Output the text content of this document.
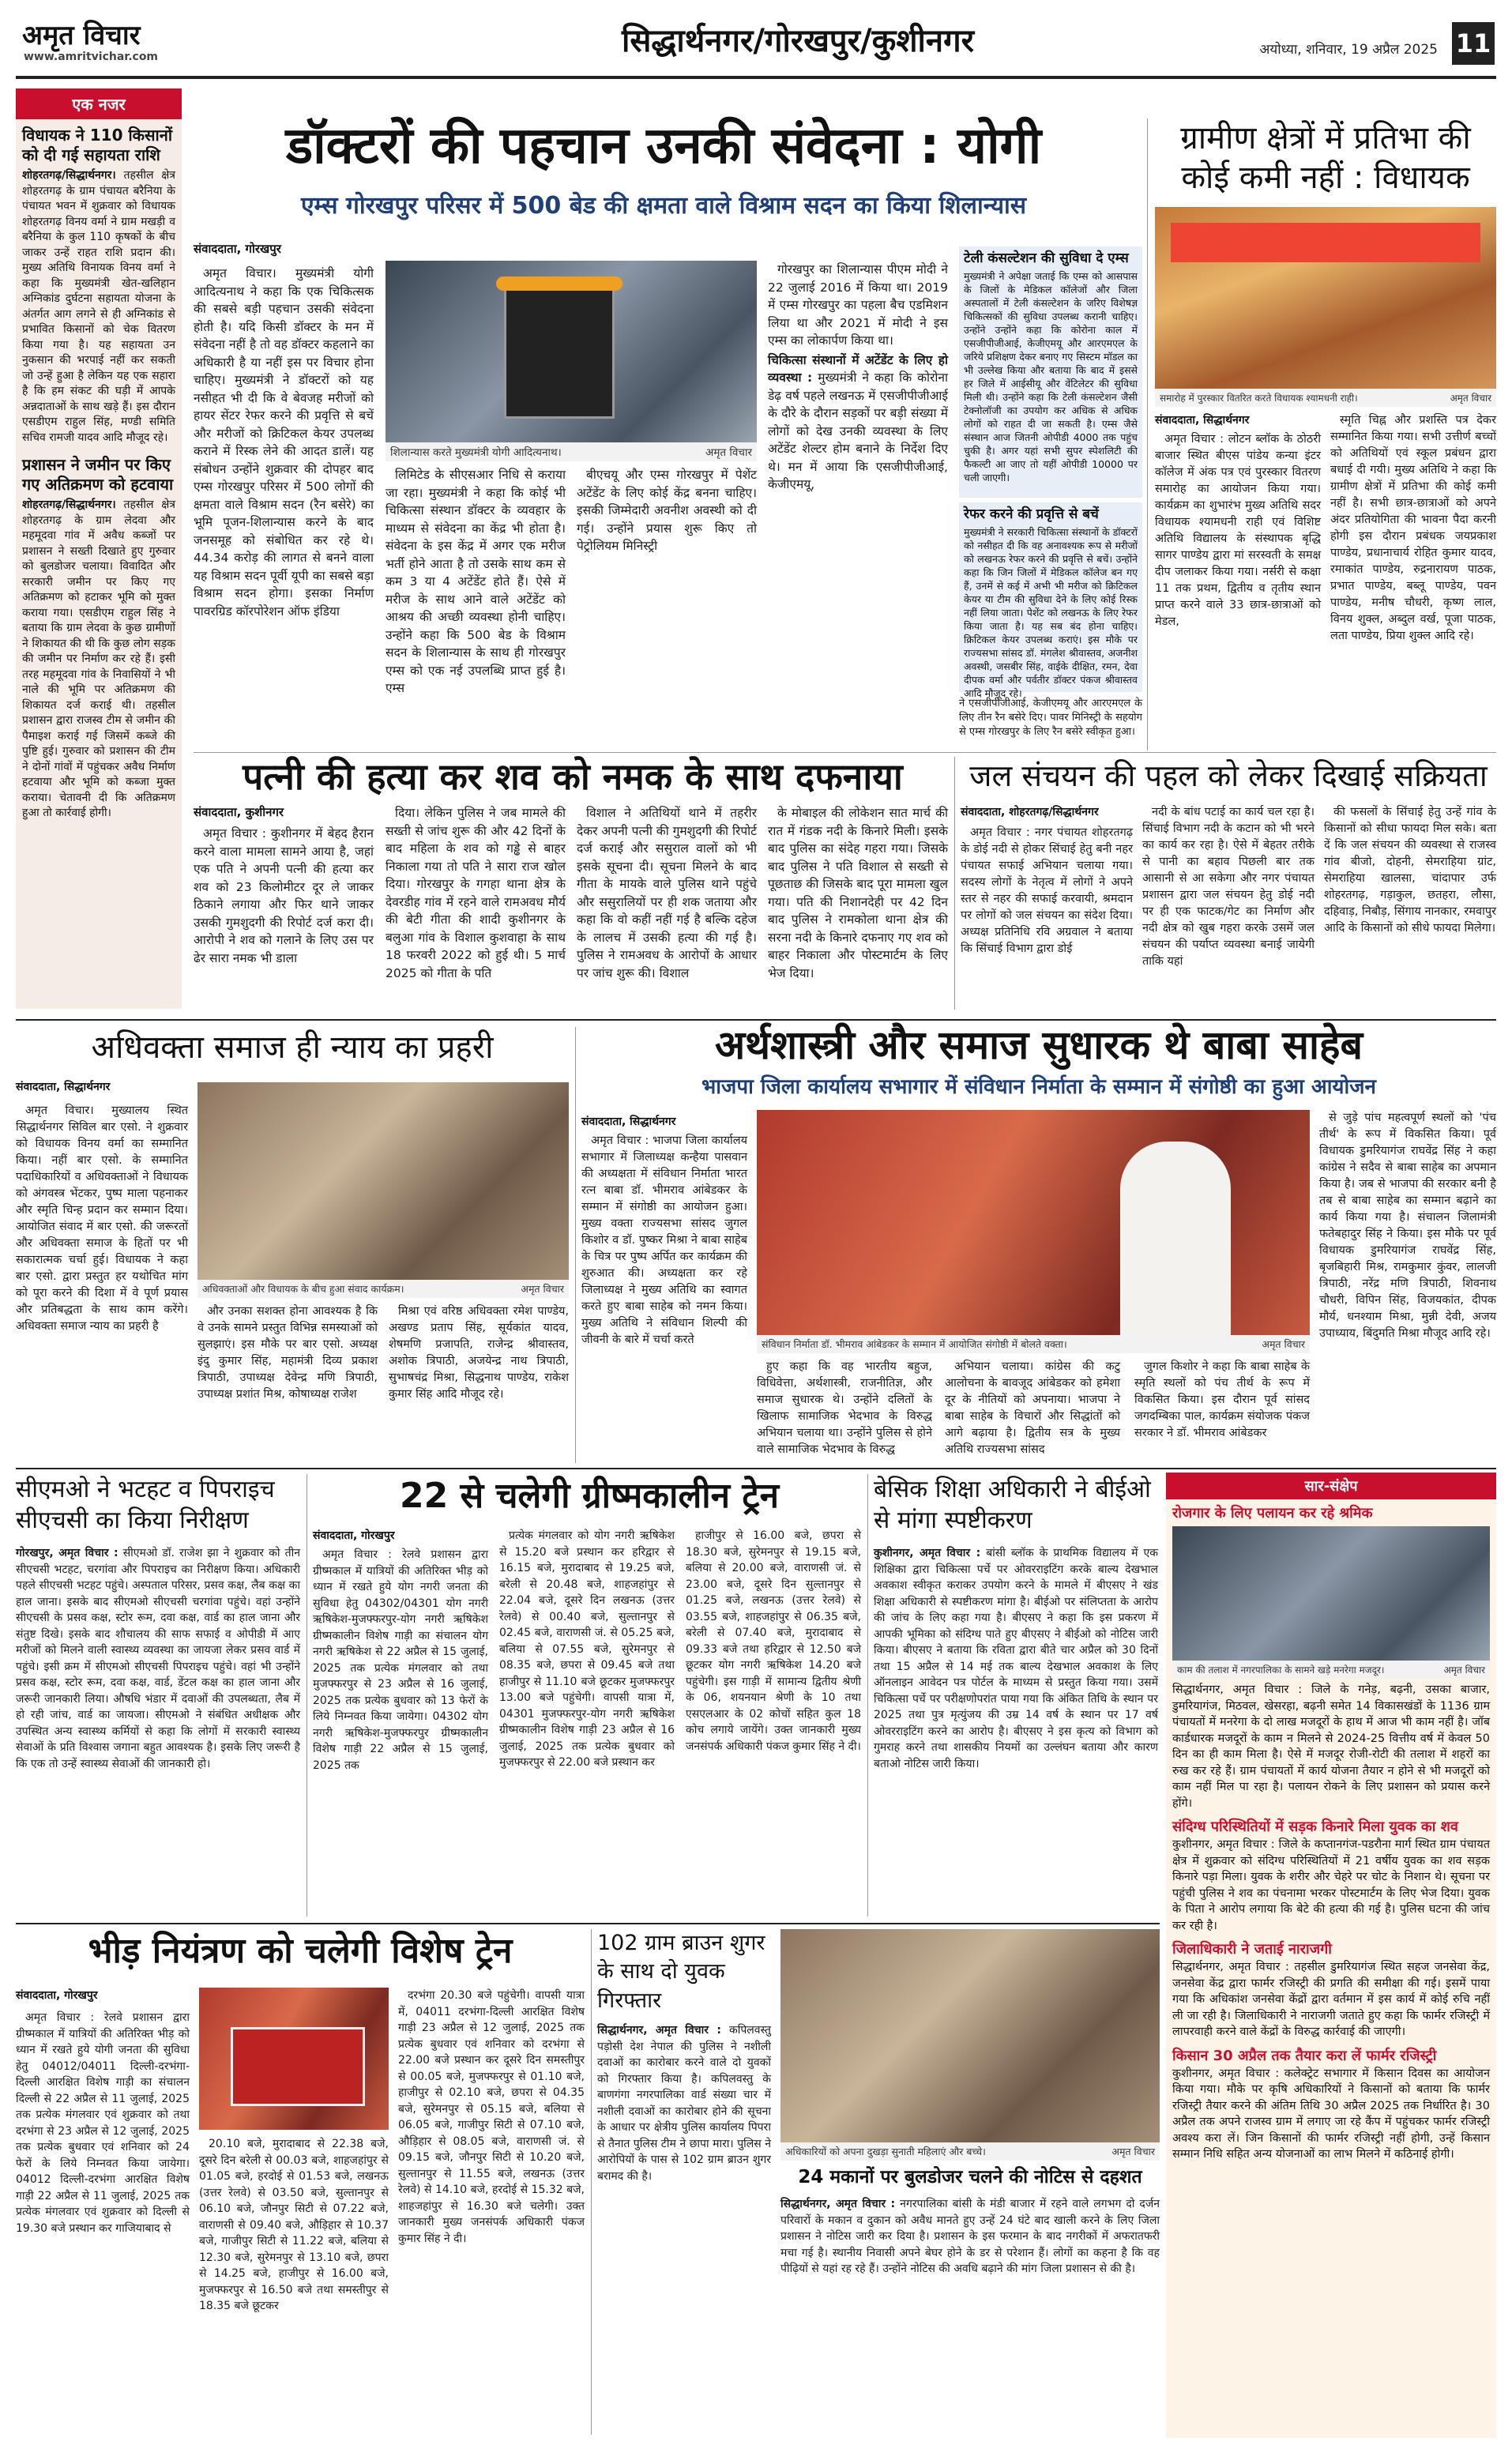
अमृत विचार
www.amritvichar.com	सिद्धार्थनगर/गोरखपुर/कुशीनगर	अयोध्या, शनिवार, 19 अप्रैल 2025 11
एक नजर
विधायक ने 110 किसानों को दी गई सहायता राशि
शोहरतगढ़/सिद्धार्थनगर। तहसील क्षेत्र शोहरतगढ़ के ग्राम पंचायत बरैनिया के पंचायत भवन में शुक्रवार को विधायक शोहरतगढ़ विनय वर्मा ने ग्राम मखड़ी व बरैनिया के कुल 110 कृषकों के बीच जाकर उन्हें राहत राशि प्रदान की। मुख्य अतिथि विनायक विनय वर्मा ने कहा कि मुख्यमंत्री खेत-खलिहान अग्निकांड दुर्घटना सहायता योजना के अंतर्गत आग लगने से ही अग्निकांड से प्रभावित किसानों को चेक वितरण किया गया है। यह सहायता उन नुकसान की भरपाई नहीं कर सकती जो उन्हें हुआ है लेकिन यह एक सहारा है कि हम संकट की घड़ी में आपके अन्नदाताओं के साथ खड़े हैं। इस दौरान एसडीएम राहुल सिंह, मण्डी समिति सचिव रामजी यादव आदि मौजूद रहे।
प्रशासन ने जमीन पर किए गए अतिक्रमण को हटवाया
शोहरतगढ़/सिद्धार्थनगर। तहसील क्षेत्र शोहरतगढ़ के ग्राम लेदवा और महमूदवा गांव में अवैध कब्जों पर प्रशासन ने सख्ती दिखाते हुए गुरुवार को बुलडोजर चलाया। विवादित और सरकारी जमीन पर किए गए अतिक्रमण को हटाकर भूमि को मुक्त कराया गया। एसडीएम राहुल सिंह ने बताया कि ग्राम लेदवा के कुछ ग्रामीणों ने शिकायत की थी कि कुछ लोग सड़क की जमीन पर निर्माण कर रहे हैं। इसी तरह महमूदवा गांव के निवासियों ने भी नाले की भूमि पर अतिक्रमण की शिकायत दर्ज कराई थी। तहसील प्रशासन द्वारा राजस्व टीम से जमीन की पैमाइश कराई गई जिसमें कब्जे की पुष्टि हुई। गुरुवार को प्रशासन की टीम ने दोनों गांवों में पहुंचकर अवैध निर्माण हटवाया और भूमि को कब्जा मुक्त कराया। चेतावनी दी कि अतिक्रमण हुआ तो कार्रवाई होगी।
डॉक्टरों की पहचान उनकी संवेदना : योगी
एम्स गोरखपुर परिसर में 500 बेड की क्षमता वाले विश्राम सदन का किया शिलान्यास
संवाददाता, गोरखपुर

अमृत विचार। मुख्यमंत्री योगी आदित्यनाथ ने कहा कि एक चिकित्सक की सबसे बड़ी पहचान उसकी संवेदना होती है। यदि किसी डॉक्टर के मन में संवेदना नहीं है तो वह डॉक्टर कहलाने का अधिकारी है या नहीं इस पर विचार होना चाहिए। मुख्यमंत्री ने डॉक्टरों को यह नसीहत भी दी कि वे बेवजह मरीजों को हायर सेंटर रेफर करने की प्रवृत्ति से बचें और मरीजों को क्रिटिकल केयर उपलब्ध कराने में रिस्क लेने की आदत डालें। यह संबोधन उन्होंने शुक्रवार की दोपहर बाद एम्स गोरखपुर परिसर में 500 लोगों की क्षमता वाले विश्राम सदन (रैन बसेरे) का भूमि पूजन-शिलान्यास करने के बाद जनसमूह को संबोधित कर रहे थे। 44.34 करोड़ की लागत से बनने वाला यह विश्राम सदन पूर्वी यूपी का सबसे बड़ा विश्राम सदन होगा। इसका निर्माण पावरग्रिड कॉरपोरेशन ऑफ इंडिया

शिलान्यास करते मुख्यमंत्री योगी आदित्यनाथ।	अमृत विचार

लिमिटेड के सीएसआर निधि से कराया जा रहा। मुख्यमंत्री ने कहा कि कोई भी चिकित्सा संस्थान डॉक्टर के व्यवहार के माध्यम से संवेदना का केंद्र भी होता है। संवेदना के इस केंद्र में अगर एक मरीज भर्ती होने आता है तो उसके साथ कम से कम 3 या 4 अटेंडेंट होते हैं। ऐसे में मरीज के साथ आने वाले अटेंडेंट को आश्रय की अच्छी व्यवस्था होनी चाहिए। उन्होंने कहा कि 500 बेड के विश्राम सदन के शिलान्यास के साथ ही गोरखपुर एम्स को एक नई उपलब्धि प्राप्त हुई है। एम्स

बीएचयू और एम्स गोरखपुर में पेशेंट अटेंडेंट के लिए कोई केंद्र बनना चाहिए। इसकी जिम्मेदारी अवनीश अवस्थी को दी गई। उन्होंने प्रयास शुरू किए तो पेट्रोलियम मिनिस्ट्री

गोरखपुर का शिलान्यास पीएम मोदी ने 22 जुलाई 2016 में किया था। 2019 में एम्स गोरखपुर का पहला बैच एडमिशन लिया था और 2021 में मोदी ने इस एम्स का लोकार्पण किया था।

चिकित्सा संस्थानों में अटेंडेंट के लिए हो व्यवस्था : मुख्यमंत्री ने कहा कि कोरोना डेढ़ वर्ष पहले लखनऊ में एसजीपीजीआई के दौरे के दौरान सड़कों पर बड़ी संख्या में लोगों को देख उनकी व्यवस्था के लिए अटेंडेंट शेल्टर होम बनाने के निर्देश दिए थे। मन में आया कि एसजीपीजीआई, केजीएमयू,
टेली कंसल्टेशन की सुविधा दे एम्स
मुख्यमंत्री ने अपेक्षा जताई कि एम्स को आसपास के जिलों के मेडिकल कॉलेजों और जिला अस्पतालों में टेली कंसल्टेशन के जरिए विशेषज्ञ चिकित्सकों की सुविधा उपलब्ध करानी चाहिए। उन्होंने उन्होंने कहा कि कोरोना काल में एसजीपीजीआई, केजीएमयू और आरएमएल के जरिये प्रशिक्षण देकर बनाए गए सिस्टम मॉडल का भी उल्लेख किया और बताया कि बाद में इससे हर जिले में आईसीयू और वेंटिलेटर की सुविधा मिली थी। उन्होंने कहा कि टेली कंसल्टेशन जैसी टेक्नोलॉजी का उपयोग कर अधिक से अधिक लोगों को राहत दी जा सकती है। एम्स जैसे संस्थान आज जितनी ओपीडी 4000 तक पहुंच चुकी है। अगर यहां सभी सुपर स्पेशलिटी की फैकल्टी आ जाए तो यहीं ओपीडी 10000 पर चली जाएगी।
रेफर करने की प्रवृत्ति से बचें
मुख्यमंत्री ने सरकारी चिकित्सा संस्थानों के डॉक्टरों को नसीहत दी कि वह अनावश्यक रूप से मरीजों को लखनऊ रेफर करने की प्रवृत्ति से बचें। उन्होंने कहा कि जिन जिलों में मेडिकल कॉलेज बन गए हैं, उनमें से कई में अभी भी मरीज को क्रिटिकल केयर या टीम की सुविधा देने के लिए कोई रिस्क नहीं लिया जाता। पेशेंट को लखनऊ के लिए रेफर किया जाता है। यह सब बंद होना चाहिए। क्रिटिकल केयर उपलब्ध कराएं। इस मौके पर राज्यसभा सांसद डॉ. मंगलेश श्रीवास्तव, अजनीश अवस्थी, जसबीर सिंह, वाईके दीक्षित, रमन, देवा दीपक वर्मा और पर्वतीर डॉक्टर पंकज श्रीवास्तव आदि मौजूद रहे।
ने एसजीपीजीआई, केजीएमयू और आरएमएल के लिए तीन रैन बसेरे दिए। पावर मिनिस्ट्री के सहयोग से एम्स गोरखपुर के लिए रैन बसेरे स्वीकृत हुआ।
ग्रामीण क्षेत्रों में प्रतिभा की कोई कमी नहीं : विधायक
समारोह में पुरस्कार वितरित करते विधायक श्यामधनी राही।	अमृत विचार
संवाददाता, सिद्धार्थनगर

अमृत विचार : लोटन ब्लॉक के ठोठरी बाजार स्थित बीएस पांडेय कन्या इंटर कॉलेज में अंक पत्र एवं पुरस्कार वितरण समारोह का आयोजन किया गया। कार्यक्रम का शुभारंभ मुख्य अतिथि सदर विधायक श्यामधनी राही एवं विशिष्ट अतिथि विद्यालय के संस्थापक बृद्धि सागर पाण्डेय द्वारा मां सरस्वती के समक्ष दीप जलाकर किया गया। नर्सरी से कक्षा 11 तक प्रथम, द्वितीय व तृतीय स्थान प्राप्त करने वाले 33 छात्र-छात्राओं को मेडल,

स्मृति चिह्न और प्रशस्ति पत्र देकर सम्मानित किया गया। सभी उत्तीर्ण बच्चों को अतिथियों एवं स्कूल प्रबंधन द्वारा बधाई दी गयी। मुख्य अतिथि ने कहा कि ग्रामीण क्षेत्रों में प्रतिभा की कोई कमी नहीं है। सभी छात्र-छात्राओं को अपने अंदर प्रतियोगिता की भावना पैदा करनी होगी इस दौरान प्रबंधक जयप्रकाश पाण्डेय, प्रधानाचार्य रोहित कुमार यादव, रमाकांत पाण्डेय, रुद्रनारायण पाठक, प्रभात पाण्डेय, बब्लू पाण्डेय, पवन पाण्डेय, मनीष चौधरी, कृष्ण लाल, विनय शुक्ल, अब्दुल वर्ख, पूजा पाठक, लता पाण्डेय, प्रिया शुक्ल आदि रहे।

पत्नी की हत्या कर शव को नमक के साथ दफनाया
संवाददाता, कुशीनगर

अमृत विचार : कुशीनगर में बेहद हैरान करने वाला मामला सामने आया है, जहां एक पति ने अपनी पत्नी की हत्या कर शव को 23 किलोमीटर दूर ले जाकर ठिकाने लगाया और फिर थाने जाकर उसकी गुमशुदगी की रिपोर्ट दर्ज करा दी। आरोपी ने शव को गलाने के लिए उस पर ढेर सारा नमक भी डाला

दिया। लेकिन पुलिस ने जब मामले की सख्ती से जांच शुरू की और 42 दिनों के बाद महिला के शव को गड्ढे से बाहर निकाला गया तो पति ने सारा राज खोल दिया। गोरखपुर के गगहा थाना क्षेत्र के देवरडीह गांव में रहने वाले रामअवध मौर्य की बेटी गीता की शादी कुशीनगर के बलुआ गांव के विशाल कुशवाहा के साथ 18 फरवरी 2022 को हुई थी। 5 मार्च 2025 को गीता के पति

विशाल ने अतिथियों थाने में तहरीर देकर अपनी पत्नी की गुमशुदगी की रिपोर्ट दर्ज कराई और ससुराल वालों को भी इसके सूचना दी। सूचना मिलने के बाद गीता के मायके वाले पुलिस थाने पहुंचे और ससुरालियों पर ही शक जताया और कहा कि वो कहीं नहीं गई है बल्कि दहेज के लालच में उसकी हत्या की गई है। पुलिस ने रामअवध के आरोपों के आधार पर जांच शुरू की। विशाल

के मोबाइल की लोकेशन सात मार्च की रात में गंडक नदी के किनारे मिली। इसके बाद पुलिस का संदेह गहरा गया। जिसके बाद पुलिस ने पति विशाल से सख्ती से पूछताछ की जिसके बाद पूरा मामला खुल गया। पति की निशानदेही पर 42 दिन बाद पुलिस ने रामकोला थाना क्षेत्र की सरना नदी के किनारे दफनाए गए शव को बाहर निकाला और पोस्टमार्टम के लिए भेज दिया।

जल संचयन की पहल को लेकर दिखाई सक्रियता
संवाददाता, शोहरतगढ़/सिद्धार्थनगर

अमृत विचार : नगर पंचायत शोहरतगढ़ के डोई नदी से होकर सिंचाई हेतु बनी नहर पंचायत सफाई अभियान चलाया गया। सदस्य लोगों के नेतृत्व में लोगों ने अपने स्तर से नहर की सफाई करवायी, श्रमदान पर लोगों को जल संचयन का संदेश दिया। अध्यक्ष प्रतिनिधि रवि अग्रवाल ने बताया कि सिंचाई विभाग द्वारा डोई

नदी के बांध पटाई का कार्य चल रहा है। सिंचाई विभाग नदी के कटान को भी भरने का कार्य कर रहा है। ऐसे में बेहतर तरीके से पानी का बहाव पिछली बार तक आसानी से आ सकेगा और नगर पंचायत प्रशासन द्वारा जल संचयन हेतु डोई नदी पर ही एक फाटक/गेट का निर्माण और नदी क्षेत्र को खुब गहरा करके उसमें जल संचयन की पर्याप्त व्यवस्था बनाई जायेगी ताकि यहां

की फसलों के सिंचाई हेतु उन्हें गांव के किसानों को सीधा फायदा मिल सके। बता दें कि जल संचयन की व्यवस्था से राजस्व गांव बीजो, दोहनी, सेमराहिया ग्रांट, सेमराहिया खालसा, चांदापार उर्फ शोहरतगढ़, गड़ाकुल, छतहरा, लौसा, दहिवाड़, निबौड़, सिंगाय नानकार, रमवापुर आदि के किसानों को सीधे फायदा मिलेगा।

अधिवक्ता समाज ही न्याय का प्रहरी
संवाददाता, सिद्धार्थनगर

अमृत विचार। मुख्यालय स्थित सिद्धार्थनगर सिविल बार एसो. ने शुक्रवार को विधायक विनय वर्मा का सम्मानित किया। नहीं बार एसो. के सम्मानित पदाधिकारियों व अधिवक्ताओं ने विधायक को अंगवस्त्र भेंटकर, पुष्प माला पहनाकर और स्मृति चिन्ह प्रदान कर सम्मान दिया। आयोजित संवाद में बार एसो. की जरूरतों और अधिवक्ता समाज के हितों पर भी सकारात्मक चर्चा हुई। विधायक ने कहा बार एसो. द्वारा प्रस्तुत हर यथोचित मांग को पूरा करने की दिशा में वे पूर्ण प्रयास और प्रतिबद्धता के साथ काम करेंगे। अधिवक्ता समाज न्याय का प्रहरी है

अधिवक्ताओं और विधायक के बीच हुआ संवाद कार्यक्रम।	अमृत विचार

और उनका सशक्त होना आवश्यक है कि वे उनके सामने प्रस्तुत विभिन्न समस्याओं को सुलझाएं। इस मौके पर बार एसो. अध्यक्ष इंदु कुमार सिंह, महामंत्री दिव्य प्रकाश त्रिपाठी, उपाध्यक्ष देवेन्द्र मणि त्रिपाठी, उपाध्यक्ष प्रशांत मिश्र, कोषाध्यक्ष राजेश

मिश्रा एवं वरिष्ठ अधिवक्ता रमेश पाण्डेय, अखण्ड प्रताप सिंह, सूर्यकांत यादव, शेषमणि प्रजापति, राजेन्द्र श्रीवास्तव, अशोक त्रिपाठी, अजयेन्द्र नाथ त्रिपाठी, सुभाषचंद्र मिश्रा, सिद्धनाथ पाण्डेय, राकेश कुमार सिंह आदि मौजूद रहे।

अर्थशास्त्री और समाज सुधारक थे बाबा साहेब
भाजपा जिला कार्यालय सभागार में संविधान निर्माता के सम्मान में संगोष्ठी का हुआ आयोजन
संवाददाता, सिद्धार्थनगर

अमृत विचार : भाजपा जिला कार्यालय सभागार में जिलाध्यक्ष कन्हैया पासवान की अध्यक्षता में संविधान निर्माता भारत रत्न बाबा डॉ. भीमराव आंबेडकर के सम्मान में संगोष्ठी का आयोजन हुआ। मुख्य वक्ता राज्यसभा सांसद जुगल किशोर व डॉ. पुष्कर मिश्रा ने बाबा साहेब के चित्र पर पुष्प अर्पित कर कार्यक्रम की शुरुआत की। अध्यक्षता कर रहे जिलाध्यक्ष ने मुख्य अतिथि का स्वागत करते हुए बाबा साहेब को नमन किया। मुख्य अतिथि ने संविधान शिल्पी की जीवनी के बारे में चर्चा करते	संविधान निर्माता डॉ. भीमराव आंबेडकर के सम्मान में आयोजित संगोष्ठी में बोलते वक्ता।	अमृत विचार

हुए कहा कि वह भारतीय बहुज, विधिवेत्ता, अर्थशास्त्री, राजनीतिज्ञ, और समाज सुधारक थे। उन्होंने दलितों के खिलाफ सामाजिक भेदभाव के विरुद्ध अभियान चलाया था। उन्होंने पुलिस से होने वाले सामाजिक भेदभाव के विरुद्ध

अभियान चलाया। कांग्रेस की कटु आलोचना के बावजूद आंबेडकर को हमेशा दूर के नीतियों को अपनाया। भाजपा ने बाबा साहेब के विचारों और सिद्धांतों को आगे बढ़ाया है। द्वितीय सत्र के मुख्य अतिथि राज्यसभा सांसद

जुगल किशोर ने कहा कि बाबा साहेब के स्मृति स्थलों को पंच तीर्थ के रूप में विकसित किया। इस दौरान पूर्व सांसद जगदम्बिका पाल, कार्यक्रम संयोजक पंकज सरकार ने डॉ. भीमराव आंबेडकर

से जुड़े पांच महत्वपूर्ण स्थलों को 'पंच तीर्थ' के रूप में विकसित किया। पूर्व विधायक डुमरियागंज राघवेंद्र सिंह ने कहा कांग्रेस ने सदैव से बाबा साहेब का अपमान किया है। जब से भाजपा की सरकार बनी है तब से बाबा साहेब का सम्मान बढ़ाने का कार्य किया गया है। संचालन जिलामंत्री फतेबहादुर सिंह ने किया। इस मौके पर पूर्व विधायक डुमरियागंज राघवेंद्र सिंह, बृजबिहारी मिश्र, रामकुमार कुंवर, लालजी त्रिपाठी, नरेंद्र मणि त्रिपाठी, शिवनाथ चौधरी, विपिन सिंह, विजयकांत, दीपक मौर्य, धनश्याम मिश्रा, मुन्नी देवी, अजय उपाध्याय, बिंदुमति मिश्रा मौजूद आदि रहे।

सीएमओ ने भटहट व पिपराइच सीएचसी का किया निरीक्षण
गोरखपुर, अमृत विचार : सीएमओ डॉ. राजेश झा ने शुक्रवार को तीन सीएचसी भटहट, चरगांवा और पिपराइच का निरीक्षण किया। अधिकारी पहले सीएचसी भटहट पहुंचे। अस्पताल परिसर, प्रसव कक्ष, लैब कक्ष का हाल जाना। इसके बाद सीएमओ सीएचसी चरगांवा पहुंचे। वहां उन्होंने सीएचसी के प्रसव कक्ष, स्टोर रूम, दवा कक्ष, वार्ड का हाल जाना और संतुष्ट दिखे। इसके बाद शौचालय की साफ सफाई व ओपीडी में आए मरीजों को मिलने वाली स्वास्थ्य व्यवस्था का जायजा लेकर प्रसव वार्ड में पहुंचे। इसी क्रम में सीएमओ सीएचसी पिपराइच पहुंचे। वहां भी उन्होंने प्रसव कक्ष, स्टोर रूम, दवा कक्ष, वार्ड, डेंटल कक्ष का हाल जाना और जरूरी जानकारी लिया। औषधि भंडार में दवाओं की उपलब्धता, लैब में हो रही जांच, वार्ड का जायजा। सीएमओ ने संबंधित अधीक्षक और उपस्थित अन्य स्वास्थ्य कर्मियों से कहा कि लोगों में सरकारी स्वास्थ्य सेवाओं के प्रति विश्वास जगाना बहुत आवश्यक है। इसके लिए जरूरी है कि एक तो उन्हें स्वास्थ्य सेवाओं की जानकारी हो।
22 से चलेगी ग्रीष्मकालीन ट्रेन
संवाददाता, गोरखपुर

अमृत विचार : रेलवे प्रशासन द्वारा ग्रीष्मकाल में यात्रियों की अतिरिक्त भीड़ को ध्यान में रखते हुये योग नगरी जनता की सुविधा हेतु 04302/04301 योग नगरी ऋषिकेश-मुजफ्फरपुर-योग नगरी ऋषिकेश ग्रीष्मकालीन विशेष गाड़ी का संचालन योग नगरी ऋषिकेश से 22 अप्रैल से 15 जुलाई, 2025 तक प्रत्येक मंगलवार को तथा मुजफ्फरपुर से 23 अप्रैल से 16 जुलाई, 2025 तक प्रत्येक बुधवार को 13 फेरों के लिये निम्नवत किया जायेगा। 04302 योग नगरी ऋषिकेश-मुजफ्फरपुर ग्रीष्मकालीन विशेष गाड़ी 22 अप्रैल से 15 जुलाई, 2025 तक

प्रत्येक मंगलवार को योग नगरी ऋषिकेश से 15.20 बजे प्रस्थान कर हरिद्वार से 16.15 बजे, मुरादाबाद से 19.25 बजे, बरेली से 20.48 बजे, शाहजहांपुर से 22.04 बजे, दूसरे दिन लखनऊ (उत्तर रेलवे) से 00.40 बजे, सुल्तानपुर से 02.45 बजे, वाराणसी जं. से 05.25 बजे, बलिया से 07.55 बजे, सुरेमनपुर से 08.35 बजे, छपरा से 09.45 बजे तथा हाजीपुर से 11.10 बजे छूटकर मुजफ्फरपुर 13.00 बजे पहुंचेगी। वापसी यात्रा में, 04301 मुजफ्फरपुर-योग नगरी ऋषिकेश ग्रीष्मकालीन विशेष गाड़ी 23 अप्रैल से 16 जुलाई, 2025 तक प्रत्येक बुधवार को मुजफ्फरपुर से 22.00 बजे प्रस्थान कर

हाजीपुर से 16.00 बजे, छपरा से 18.30 बजे, सुरेमनपुर से 19.15 बजे, बलिया से 20.00 बजे, वाराणसी जं. से 23.00 बजे, दूसरे दिन सुल्तानपुर से 01.25 बजे, लखनऊ (उत्तर रेलवे) से 03.55 बजे, शाहजहांपुर से 06.35 बजे, बरेली से 07.40 बजे, मुरादाबाद से 09.33 बजे तथा हरिद्वार से 12.50 बजे छूटकर योग नगरी ऋषिकेश 14.20 बजे पहुंचेगी। इस गाड़ी में सामान्य द्वितीय श्रेणी के 06, शयनयान श्रेणी के 10 तथा एसएलआर के 02 कोचों सहित कुल 18 कोच लगाये जायेंगे। उक्त जानकारी मुख्य जनसंपर्क अधिकारी पंकज कुमार सिंह ने दी।

बेसिक शिक्षा अधिकारी ने बीईओ से मांगा स्पष्टीकरण
कुशीनगर, अमृत विचार : बांसी ब्लॉक के प्राथमिक विद्यालय में एक शिक्षिका द्वारा चिकित्सा पर्चे पर ओवरराइटिंग करके बाल्य देखभाल अवकाश स्वीकृत कराकर उपयोग करने के मामले में बीएसए ने खंड शिक्षा अधिकारी से स्पष्टीकरण मांगा है। बीईओ पर संलिप्तता के आरोप की जांच के लिए कहा गया है। बीएसए ने कहा कि इस प्रकरण में आपकी भूमिका को संदिग्ध पाते हुए बीएसए ने बीईओ को नोटिस जारी किया। बीएसए ने बताया कि रविता द्वारा बीते चार अप्रैल को 30 दिनों तथा 15 अप्रैल से 14 मई तक बाल्य देखभाल अवकाश के लिए ऑनलाइन आवेदन पत्र पोर्टल के माध्यम से प्रस्तुत किया गया। उसमें चिकित्सा पर्चे पर परीक्षणोपरांत पाया गया कि अंकित तिथि के स्थान पर 2025 तथा पुत्र मृत्युंजय की उम्र 14 वर्ष के स्थान पर 17 वर्ष ओवरराइटिंग करने का आरोप है। बीएसए ने इस कृत्य को विभाग को गुमराह करने तथा शासकीय नियमों का उल्लंघन बताया और कारण बताओ नोटिस जारी किया।
सार-संक्षेप
रोजगार के लिए पलायन कर रहे श्रमिक
काम की तलाश में नगरपालिका के सामने खड़े मनरेगा मजदूर।	अमृत विचार
सिद्धार्थनगर, अमृत विचार : जिले के गनेड़, बढ़नी, उसका बाजार, डुमरियागंज, मिठवल, खेसरहा, बढ़नी समेत 14 विकासखंडों के 1136 ग्राम पंचायतों में मनरेगा के दो लाख मजदूरों के हाथ में आज भी काम नहीं है। जॉब कार्डधारक मजदूरों के काम न मिलने से 2024-25 वित्तीय वर्ष में केवल 50 दिन का ही काम मिला है। ऐसे में मजदूर रोजी-रोटी की तलाश में शहरों का रुख कर रहे हैं। ग्राम पंचायतों में कार्य योजना तैयार न होने से भी मजदूरों को काम नहीं मिल पा रहा है। पलायन रोकने के लिए प्रशासन को प्रयास करने होंगे।
संदिग्ध परिस्थितियों में सड़क किनारे मिला युवक का शव
कुशीनगर, अमृत विचार : जिले के कप्तानगंज-पडरौना मार्ग स्थित ग्राम पंचायत क्षेत्र में शुक्रवार को संदिग्ध परिस्थितियों में 21 वर्षीय युवक का शव सड़क किनारे पड़ा मिला। युवक के शरीर और चेहरे पर चोट के निशान थे। सूचना पर पहुंची पुलिस ने शव का पंचनामा भरकर पोस्टमार्टम के लिए भेज दिया। युवक के पिता ने आरोप लगाया कि बेटे की हत्या की गई है। पुलिस घटना की जांच कर रही है।
जिलाधिकारी ने जताई नाराजगी
सिद्धार्थनगर, अमृत विचार : तहसील डुमरियागंज स्थित सहज जनसेवा केंद्र, जनसेवा केंद्र द्वारा फार्मर रजिस्ट्री की प्रगति की समीक्षा की गई। इसमें पाया गया कि अधिकांश जनसेवा केंद्रों द्वारा वर्तमान में इस कार्य में कोई रुचि नहीं ली जा रही है। जिलाधिकारी ने नाराजगी जताते हुए कहा कि फार्मर रजिस्ट्री में लापरवाही करने वाले केंद्रों के विरुद्ध कार्रवाई की जाएगी।
किसान 30 अप्रैल तक तैयार करा लें फार्मर रजिस्ट्री
कुशीनगर, अमृत विचार : कलेक्ट्रेट सभागार में किसान दिवस का आयोजन किया गया। मौके पर कृषि अधिकारियों ने किसानों को बताया कि फार्मर रजिस्ट्री तैयार करने की अंतिम तिथि 30 अप्रैल 2025 तक निर्धारित है। 30 अप्रैल तक अपने राजस्व ग्राम में लगाए जा रहे कैंप में पहुंचकर फार्मर रजिस्ट्री अवश्य करा लें। जिन किसानों की फार्मर रजिस्ट्री नहीं होगी, उन्हें किसान सम्मान निधि सहित अन्य योजनाओं का लाभ मिलने में कठिनाई होगी।
भीड़ नियंत्रण को चलेगी विशेष ट्रेन
संवाददाता, गोरखपुर

अमृत विचार : रेलवे प्रशासन द्वारा ग्रीष्मकाल में यात्रियों की अतिरिक्त भीड़ को ध्यान में रखते हुये योगी जनता की सुविधा हेतु 04012/04011 दिल्ली-दरभंगा-दिल्ली आरक्षित विशेष गाड़ी का संचालन दिल्ली से 22 अप्रैल से 11 जुलाई, 2025 तक प्रत्येक मंगलवार एवं शुक्रवार को तथा दरभंगा से 23 अप्रैल से 12 जुलाई, 2025 तक प्रत्येक बुधवार एवं शनिवार को 24 फेरों के लिये निम्नवत किया जायेगा। 04012 दिल्ली-दरभंगा आरक्षित विशेष गाड़ी 22 अप्रैल से 11 जुलाई, 2025 तक प्रत्येक मंगलवार एवं शुक्रवार को दिल्ली से 19.30 बजे प्रस्थान कर गाजियाबाद से

20.10 बजे, मुरादाबाद से 22.38 बजे, दूसरे दिन बरेली से 00.03 बजे, शाहजहांपुर से 01.05 बजे, हरदोई से 01.53 बजे, लखनऊ (उत्तर रेलवे) से 03.50 बजे, सुल्तानपुर से 06.10 बजे, जौनपुर सिटी से 07.22 बजे, वाराणसी से 09.40 बजे, औड़िहार से 10.37 बजे, गाजीपुर सिटी से 11.22 बजे, बलिया से 12.30 बजे, सुरेमनपुर से 13.10 बजे, छपरा से 14.25 बजे, हाजीपुर से 16.00 बजे, मुजफ्फरपुर से 16.50 बजे तथा समस्तीपुर से 18.35 बजे छूटकर

दरभंगा 20.30 बजे पहुंचेगी। वापसी यात्रा में, 04011 दरभंगा-दिल्ली आरक्षित विशेष गाड़ी 23 अप्रैल से 12 जुलाई, 2025 तक प्रत्येक बुधवार एवं शनिवार को दरभंगा से 22.00 बजे प्रस्थान कर दूसरे दिन समस्तीपुर से 00.05 बजे, मुजफ्फरपुर से 01.10 बजे, हाजीपुर से 02.10 बजे, छपरा से 04.35 बजे, सुरेमनपुर से 05.15 बजे, बलिया से 06.05 बजे, गाजीपुर सिटी से 07.10 बजे, औड़िहार से 08.05 बजे, वाराणसी जं. से 09.15 बजे, जौनपुर सिटी से 10.20 बजे, सुल्तानपुर से 11.55 बजे, लखनऊ (उत्तर रेलवे) से 14.10 बजे, हरदोई से 15.32 बजे, शाहजहांपुर से 16.30 बजे चलेगी। उक्त जानकारी मुख्य जनसंपर्क अधिकारी पंकज कुमार सिंह ने दी।

102 ग्राम ब्राउन शुगर के साथ दो युवक गिरफ्तार
सिद्धार्थनगर, अमृत विचार : कपिलवस्तु पड़ोसी देश नेपाल की पुलिस ने नशीली दवाओं का कारोबार करने वाले दो युवकों को गिरफ्तार किया है। कपिलवस्तु के बाणगंगा नगरपालिका वार्ड संख्या चार में नशीली दवाओं का कारोबार होने की सूचना के आधार पर क्षेत्रीय पुलिस कार्यालय पिपरा से तैनात पुलिस टीम ने छापा मारा। पुलिस ने आरोपियों के पास से 102 ग्राम ब्राउन शुगर बरामद की है।
अधिकारियों को अपना दुखड़ा सुनाती महिलाएं और बच्चे।	अमृत विचार
24 मकानों पर बुलडोजर चलने की नोटिस से दहशत
सिद्धार्थनगर, अमृत विचार : नगरपालिका बांसी के मंडी बाजार में रहने वाले लगभग दो दर्जन परिवारों के मकान व दुकान को अवैध मानते हुए उन्हें 24 घंटे बाद खाली करने के लिए जिला प्रशासन ने नोटिस जारी कर दिया है। प्रशासन के इस फरमान के बाद नगरीकों में अफरातफरी मचा गई है। स्थानीय निवासी अपने बेघर होने के डर से परेशान हैं। लोगों का कहना है कि वह पीढ़ियों से यहां रह रहे हैं। उन्होंने नोटिस की अवधि बढ़ाने की मांग जिला प्रशासन से की है।
